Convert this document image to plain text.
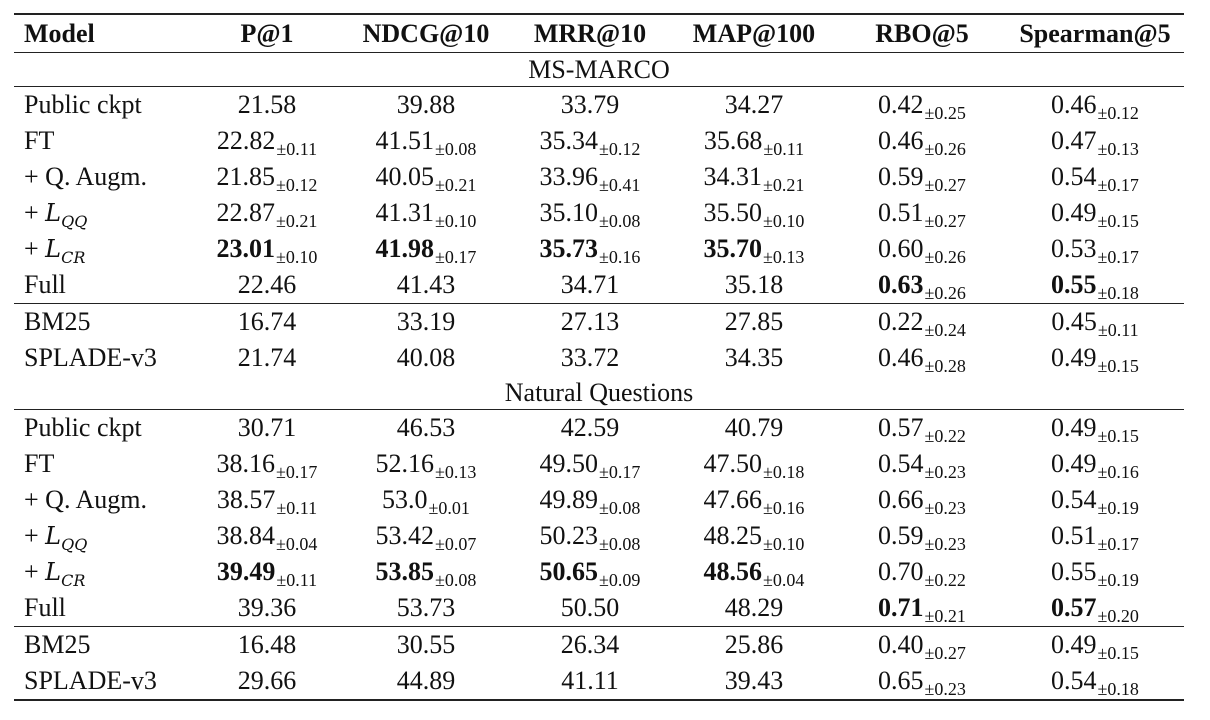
Model	P@1	NDCG@10	MRR@10	MAP@100	RBO@5	Spearman@5
MS-MARCO						
Public ckpt	21.58	39.88	33.79	34.27	$0.42_{\pm 0.25}$	$0.46_{\pm 0.12}$
FT	$22.82_{\pm 0.11}$	$41.51_{\pm 0.08}$	$35.34_{\pm 0.12}$	$35.68_{\pm 0.11}$	$0.46_{\pm 0.26}$	$0.47_{\pm 0.13}$
+ Q. Augm.	$21.85_{\pm 0.12}$	$40.05_{\pm 0.21}$	$33.96_{\pm 0.41}$	$34.31_{\pm 0.21}$	$0.59_{\pm 0.27}$	$0.54_{\pm 0.17}$
+ $L_{QQ}$	$22.87_{\pm 0.21}$	$41.31_{\pm 0.10}$	$35.10_{\pm 0.08}$	$35.50_{\pm 0.10}$	$0.51_{\pm 0.27}$	$0.49_{\pm 0.15}$
+ $L_{CR}$	$23.01_{\pm 0.10}$	$41.98_{\pm 0.17}$	$35.73_{\pm 0.16}$	$35.70_{\pm 0.13}$	$0.60_{\pm 0.26}$	$0.53_{\pm 0.17}$
Full	22.46	41.43	34.71	35.18	$0.63_{\pm 0.26}$	$0.55_{\pm 0.18}$
BM25	16.74	33.19	27.13	27.85	$0.22_{\pm 0.24}$	$0.45_{\pm 0.11}$
SPLADE-v3	21.74	40.08	33.72	34.35	$0.46_{\pm 0.28}$	$0.49_{\pm 0.15}$
Natural Questions						
Public ckpt	30.71	46.53	42.59	40.79	$0.57_{\pm 0.22}$	$0.49_{\pm 0.15}$
FT	$38.16_{\pm 0.17}$	$52.16_{\pm 0.13}$	$49.50_{\pm 0.17}$	$47.50_{\pm 0.18}$	$0.54_{\pm 0.23}$	$0.49_{\pm 0.16}$
+ Q. Augm.	$38.57_{\pm 0.11}$	$53.0_{\pm 0.01}$	$49.89_{\pm 0.08}$	$47.66_{\pm 0.16}$	$0.66_{\pm 0.23}$	$0.54_{\pm 0.19}$
+ $L_{QQ}$	$38.84_{\pm 0.04}$	$53.42_{\pm 0.07}$	$50.23_{\pm 0.08}$	$48.25_{\pm 0.10}$	$0.59_{\pm 0.23}$	$0.51_{\pm 0.17}$
+ $L_{CR}$	$39.49_{\pm 0.11}$	$53.85_{\pm 0.08}$	$50.65_{\pm 0.09}$	$48.56_{\pm 0.04}$	$0.70_{\pm 0.22}$	$0.55_{\pm 0.19}$
Full	39.36	53.73	50.50	48.29	$0.71_{\pm 0.21}$	$0.57_{\pm 0.20}$
BM25	16.48	30.55	26.34	25.86	$0.40_{\pm 0.27}$	$0.49_{\pm 0.15}$
SPLADE-v3	29.66	44.89	41.11	39.43	$0.65_{\pm 0.23}$	$0.54_{\pm 0.18}$
